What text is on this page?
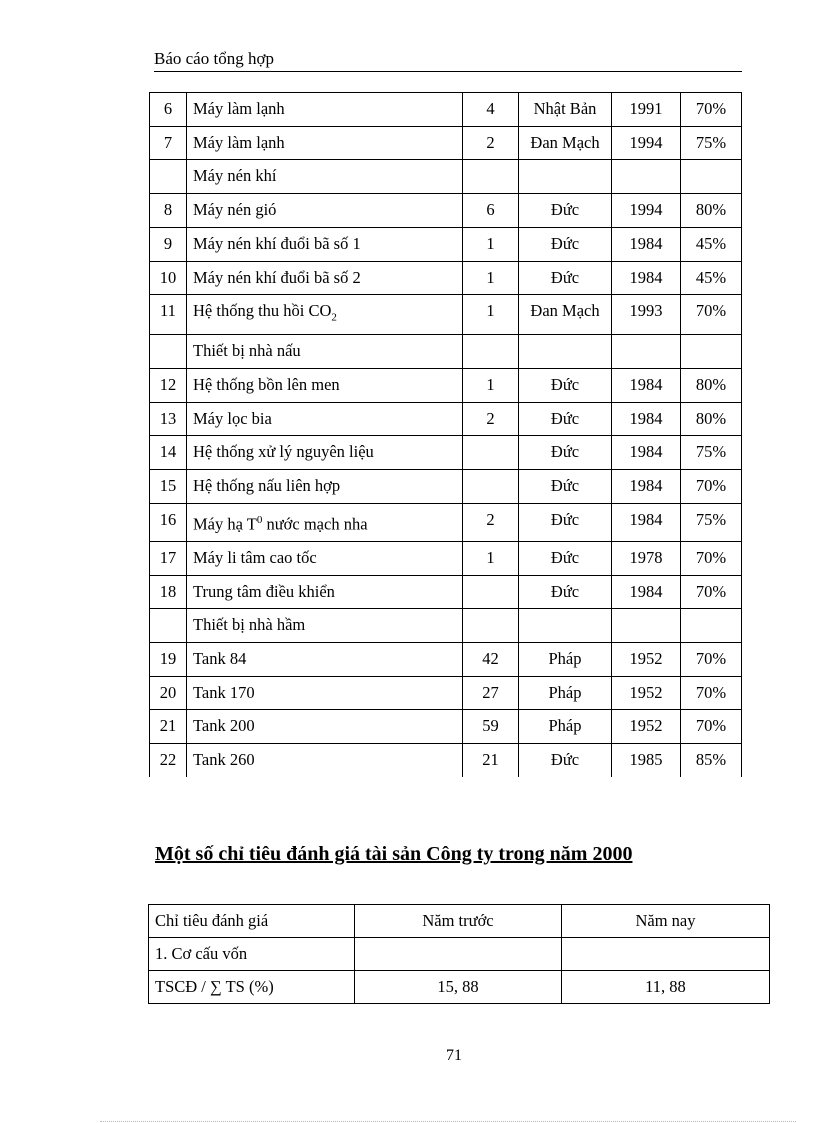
Báo cáo tổng hợp
6	Máy làm lạnh	4	Nhật Bản	1991	70%
7	Máy làm lạnh	2	Đan Mạch	1994	75%
	Máy nén khí				
8	Máy nén gió	6	Đức	1994	80%
9	Máy nén khí đuổi bã số 1	1	Đức	1984	45%
10	Máy nén khí đuổi bã số 2	1	Đức	1984	45%
11	Hệ thống thu hồi $CO_2$	1	Đan Mạch	1993	70%
	Thiết bị nhà nấu				
12	Hệ thống bồn lên men	1	Đức	1984	80%
13	Máy lọc bia	2	Đức	1984	80%
14	Hệ thống xử lý nguyên liệu		Đức	1984	75%
15	Hệ thống nấu liên hợp		Đức	1984	70%
16	Máy hạ $T^0$ nước mạch nha	2	Đức	1984	75%
17	Máy li tâm cao tốc	1	Đức	1978	70%
18	Trung tâm điều khiển		Đức	1984	70%
	Thiết bị nhà hầm				
19	Tank 84	42	Pháp	1952	70%
20	Tank 170	27	Pháp	1952	70%
21	Tank 200	59	Pháp	1952	70%
22	Tank 260	21	Đức	1985	85%
Một số chỉ tiêu đánh giá tài sản Công ty trong năm 2000
Chỉ tiêu đánh giá	Năm trước	Năm nay
1. Cơ cấu vốn		
TSCĐ / ∑ TS (%)	15, 88	11, 88
71
